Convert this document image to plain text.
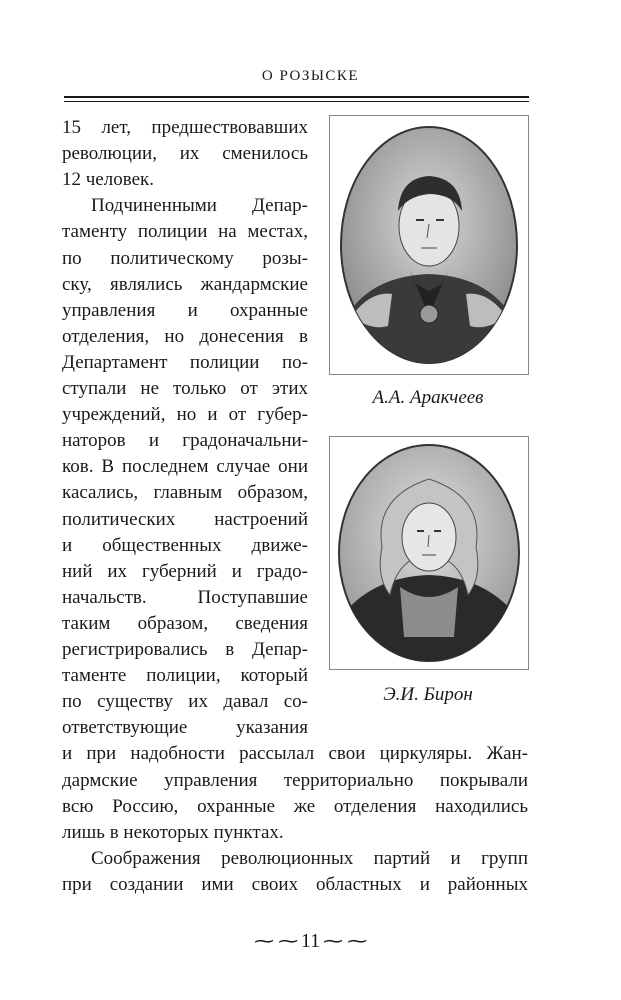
О РОЗЫСКЕ
15 лет, предшествовавших
революции, их сменилось
12 человек.
Подчиненными Депар-
таменту полиции на местах,
по политическому розы-
ску, являлись жандармские
управления и охранные
отделения, но донесения в
Департамент полиции по-
ступали не только от этих
учреждений, но и от губер-
наторов и градоначальни-
ков. В последнем случае они
касались, главным образом,
политических настроений
и общественных движе-
ний их губерний и градо-
начальств. Поступавшие
таким образом, сведения
регистрировались в Депар-
таменте полиции, который
по существу их давал со-
ответствующие указания
А.А. Аракчеев
Э.И. Бирон
∼∼11∼∼
и при надобности рассылал свои циркуляры. Жан-
дармские управления территориально покрывали
всю Россию, охранные же отделения находились
лишь в некоторых пунктах.
Соображения революционных партий и групп
при создании ими своих областных и районных
